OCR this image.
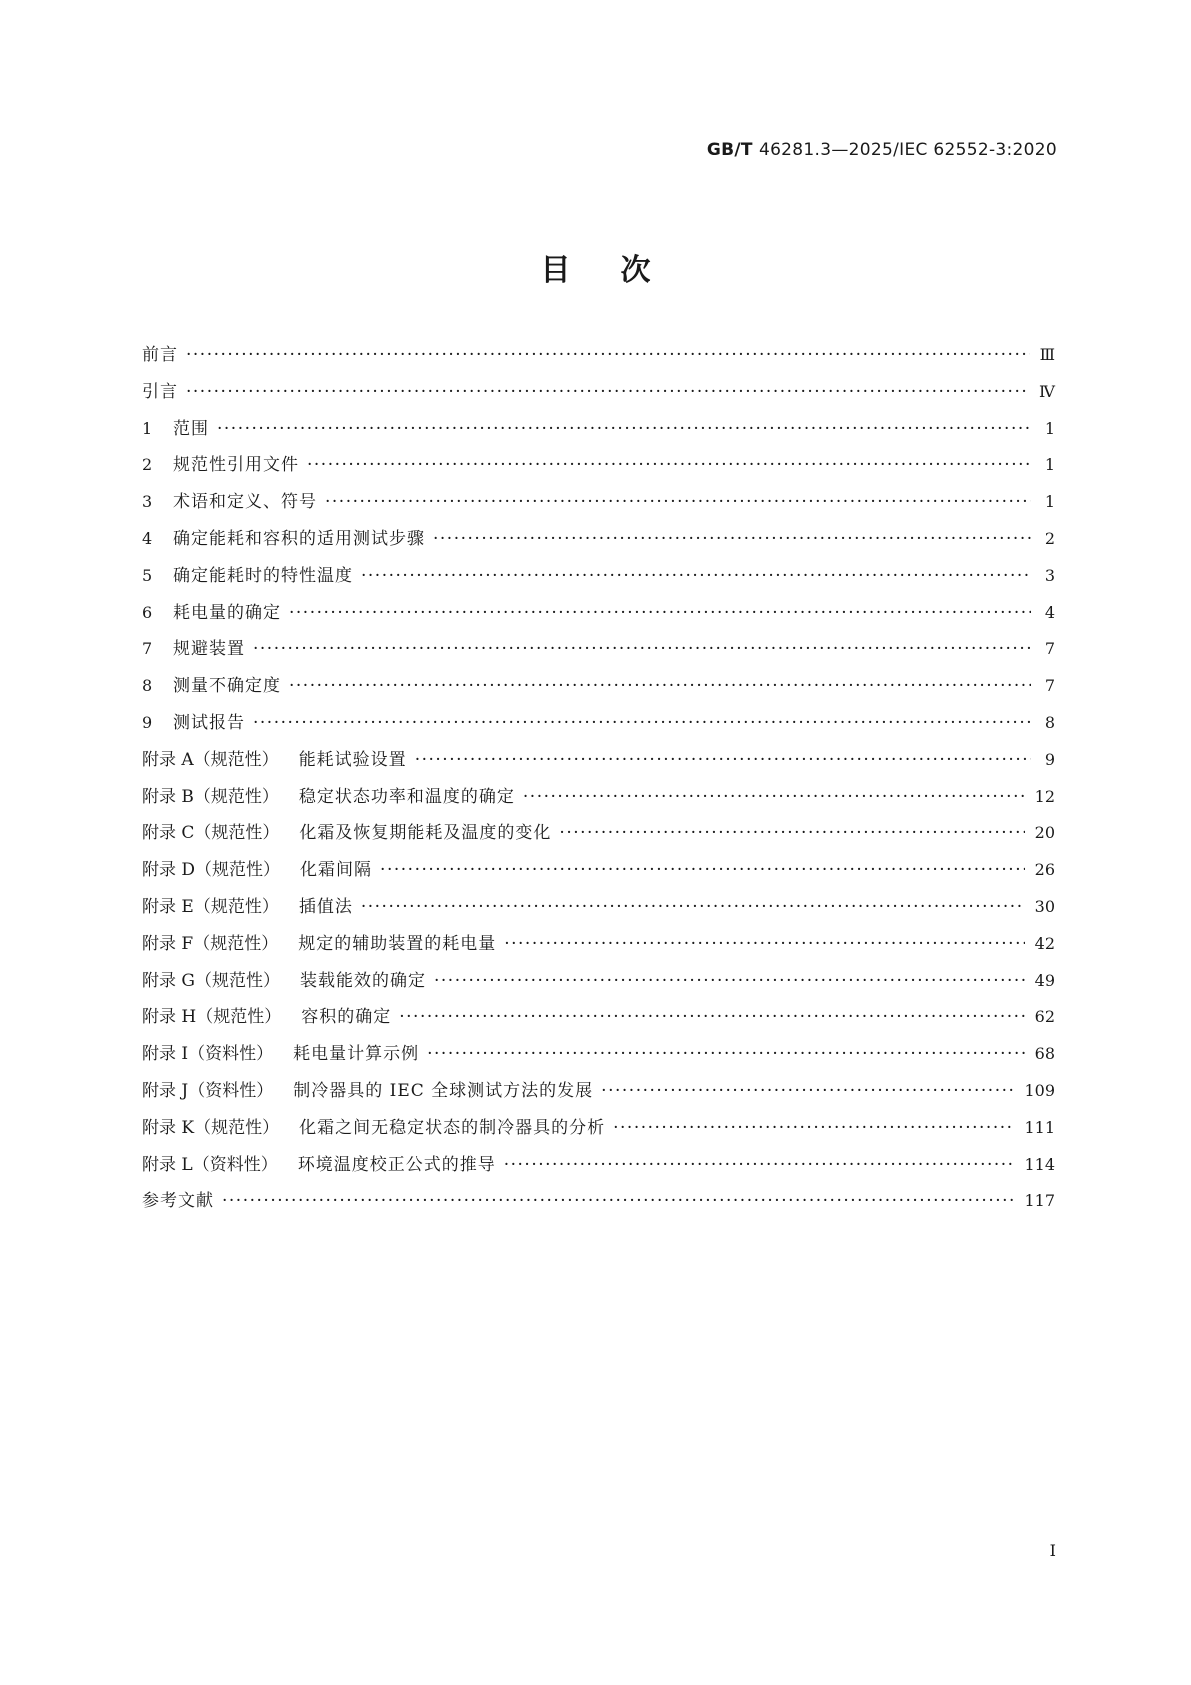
GB/T 46281.3—2025/IEC 62552-3:2020
目次
前言 ·····	Ⅲ
引言 ·····	Ⅳ
1	范围 ·····	1
2	规范性引用文件 ·····	1
3	术语和定义、符号 ·····	1
4	确定能耗和容积的适用测试步骤 ·····	2
5	确定能耗时的特性温度 ·····	3
6	耗电量的确定 ·····	4
7	规避装置 ·····	7
8	测量不确定度 ·····	7
9	测试报告 ·····	8
附录 A（规范性） 能耗试验设置 ·····	9
附录 B（规范性） 稳定状态功率和温度的确定 ·····	12
附录 C（规范性） 化霜及恢复期能耗及温度的变化 ·····	20
附录 D（规范性） 化霜间隔 ·····	26
附录 E（规范性） 插值法 ·····	30
附录 F（规范性） 规定的辅助装置的耗电量 ·····	42
附录 G（规范性） 装载能效的确定 ·····	49
附录 H（规范性） 容积的确定 ·····	62
附录 I（资料性） 耗电量计算示例 ·····	68
附录 J（资料性） 制冷器具的 IEC 全球测试方法的发展 ·····	109
附录 K（规范性） 化霜之间无稳定状态的制冷器具的分析 ·····	111
附录 L（资料性） 环境温度校正公式的推导 ·····	114
参考文献 ·····	117
Ⅰ
